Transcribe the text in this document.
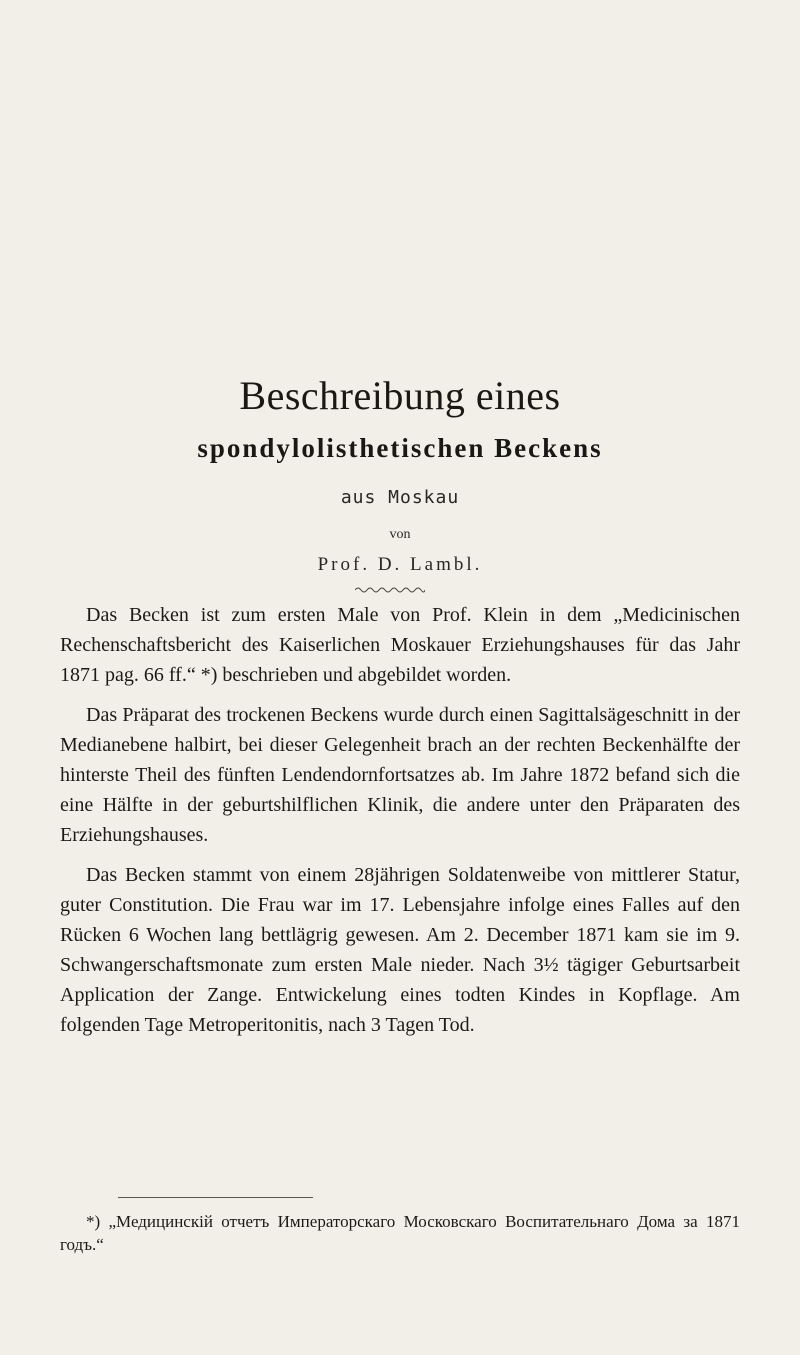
Beschreibung eines
spondylolisthetischen Beckens
aus Moskau
von
Prof. D. Lambl.

Das Becken ist zum ersten Male von Prof. Klein in dem „Medicinischen Rechenschaftsbericht des Kaiserlichen Moskauer Erziehungshauses für das Jahr 1871 pag. 66 ff.“ *) beschrieben und abgebildet worden.

Das Präparat des trockenen Beckens wurde durch einen Sagittalsägeschnitt in der Medianebene halbirt, bei dieser Gelegenheit brach an der rechten Beckenhälfte der hinterste Theil des fünften Lendendornfortsatzes ab. Im Jahre 1872 befand sich die eine Hälfte in der geburtshilflichen Klinik, die andere unter den Präparaten des Erziehungshauses.

Das Becken stammt von einem 28jährigen Soldatenweibe von mittlerer Statur, guter Constitution. Die Frau war im 17. Lebensjahre infolge eines Falles auf den Rücken 6 Wochen lang bettlägrig gewesen. Am 2. December 1871 kam sie im 9. Schwangerschaftsmonate zum ersten Male nieder. Nach 3½ tägiger Geburtsarbeit Application der Zange. Entwickelung eines todten Kindes in Kopflage. Am folgenden Tage Metroperitonitis, nach 3 Tagen Tod.

*) „Медицинскій отчетъ Императорскаго Московскаго Воспитательнаго Дома за 1871 годъ.“
